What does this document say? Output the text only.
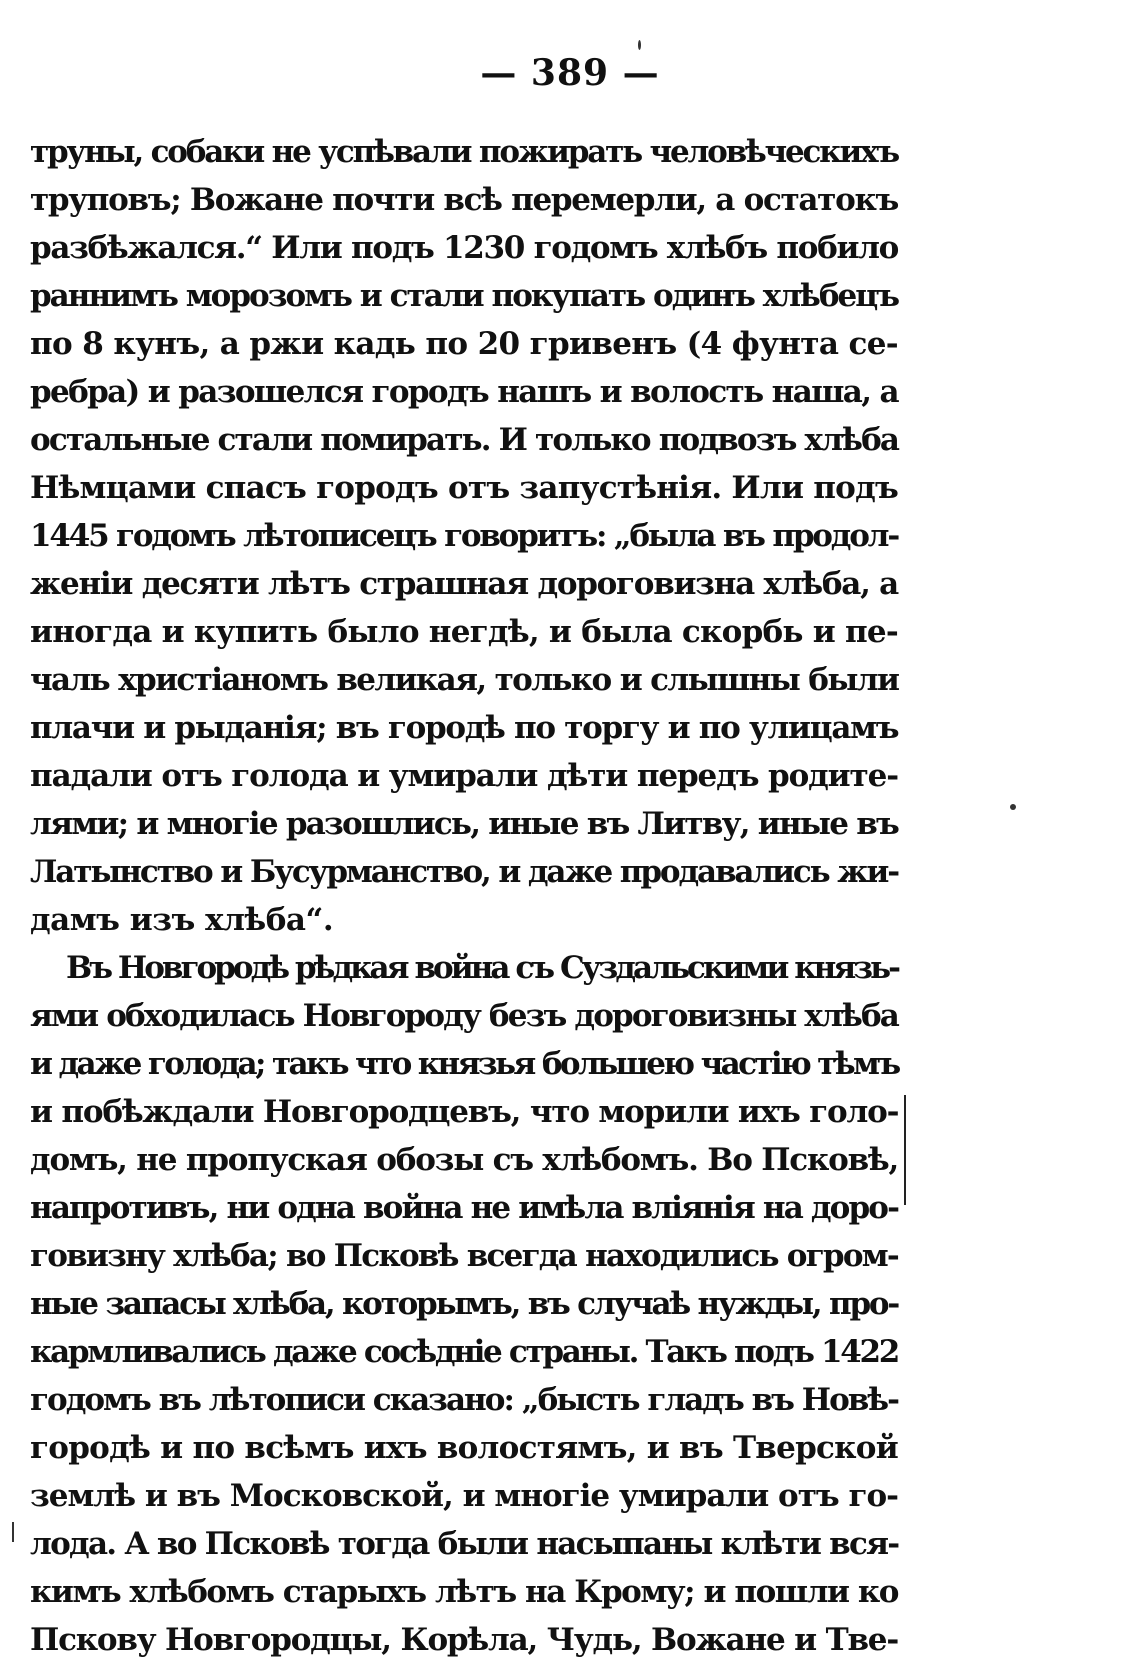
— 389 —
труны, собаки не успѣвали пожирать человѣческихъ
труповъ; Вожане почти всѣ перемерли, а остатокъ
разбѣжался.“ Или подъ 1230 годомъ хлѣбъ побило
раннимъ морозомъ и стали покупать одинъ хлѣбецъ
по 8 кунъ, а ржи кадь по 20 гривенъ (4 фунта се-
ребра) и разошелся городъ нашъ и волость наша, а
остальные стали помирать. И только подвозъ хлѣба
Нѣмцами спасъ городъ отъ запустѣнія. Или подъ
1445 годомъ лѣтописецъ говоритъ: „была въ продол-
женіи десяти лѣтъ страшная дороговизна хлѣба, а
иногда и купить было негдѣ, и была скорбь и пе-
чаль христіаномъ великая, только и слышны были
плачи и рыданія; въ городѣ по торгу и по улицамъ
падали отъ голода и умирали дѣти передъ родите-
лями; и многіе разошлись, иные въ Литву, иные въ
Латынство и Бусурманство, и даже продавались жи-
дамъ изъ хлѣба“.
Въ Новгородѣ рѣдкая война съ Суздальскими князь-
ями обходилась Новгороду безъ дороговизны хлѣба
и даже голода; такъ что князья большею частію тѣмъ
и побѣждали Новгородцевъ, что морили ихъ голо-
домъ, не пропуская обозы съ хлѣбомъ. Во Псковѣ,
напротивъ, ни одна война не имѣла вліянія на доро-
говизну хлѣба; во Псковѣ всегда находились огром-
ные запасы хлѣба, которымъ, въ случаѣ нужды, про-
кармливались даже сосѣдніе страны. Такъ подъ 1422
годомъ въ лѣтописи сказано: „бысть гладъ въ Новѣ-
городѣ и по всѣмъ ихъ волостямъ, и въ Тверской
землѣ и въ Московской, и многіе умирали отъ го-
лода. А во Псковѣ тогда были насыпаны клѣти вся-
кимъ хлѣбомъ старыхъ лѣтъ на Крому; и пошли ко
Пскову Новгородцы, Корѣла, Чудь, Вожане и Тве-
